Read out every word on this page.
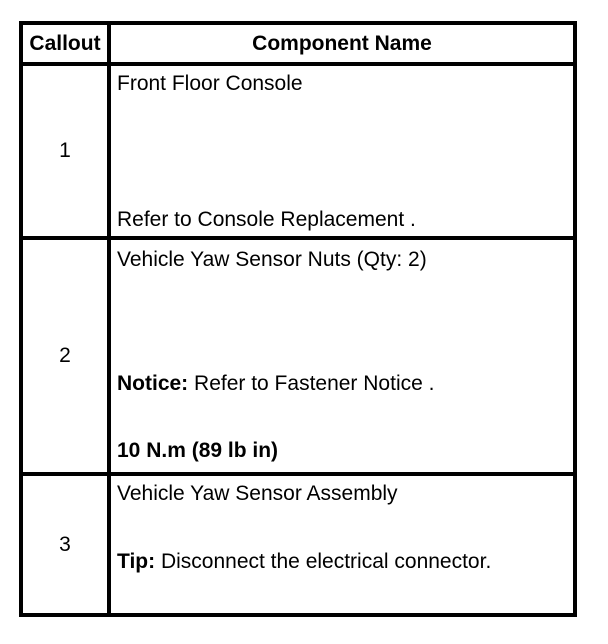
Callout	Component Name
1	Front Floor Console
Refer to Console Replacement .

2	Vehicle Yaw Sensor Nuts (Qty: 2)
Notice: Refer to Fastener Notice .
10 N.m (89 lb in)

3	Vehicle Yaw Sensor Assembly
Tip: Disconnect the electrical connector.
